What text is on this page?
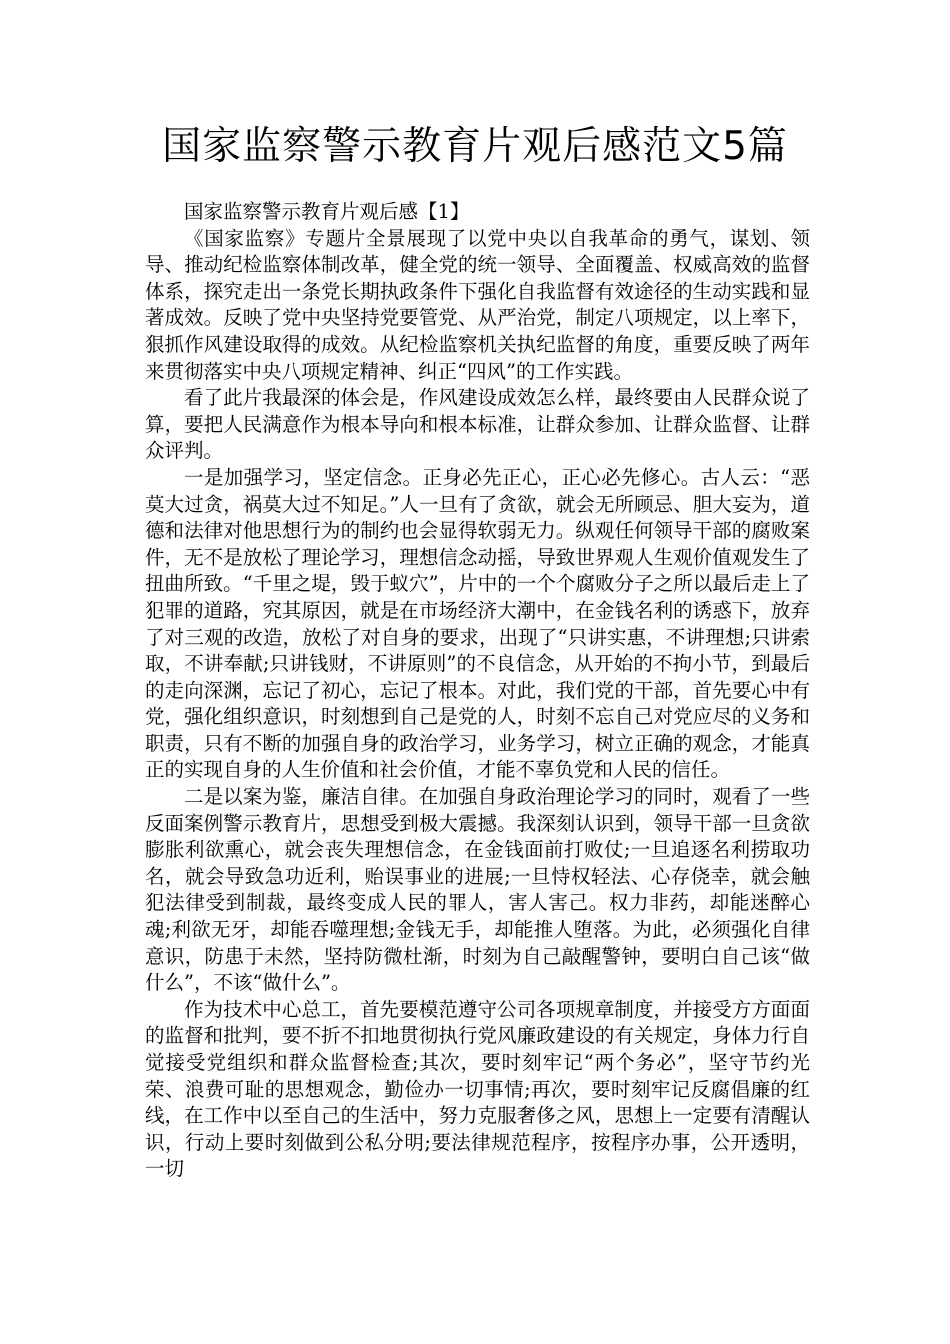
国家监察警示教育片观后感范文5篇

国家监察警示教育片观后感【1】

《国家监察》专题片全景展现了以党中央以自我革命的勇气，谋划、领导、推动纪检监察体制改革，健全党的统一领导、全面覆盖、权威高效的监督体系，探究走出一条党长期执政条件下强化自我监督有效途径的生动实践和显著成效。反映了党中央坚持党要管党、从严治党，制定八项规定，以上率下，狠抓作风建设取得的成效。从纪检监察机关执纪监督的角度，重要反映了两年来贯彻落实中央八项规定精神、纠正“四风”的工作实践。

看了此片我最深的体会是，作风建设成效怎么样，最终要由人民群众说了算，要把人民满意作为根本导向和根本标准，让群众参加、让群众监督、让群众评判。

一是加强学习，坚定信念。正身必先正心，正心必先修心。古人云：“恶莫大过贪，祸莫大过不知足。”人一旦有了贪欲，就会无所顾忌、胆大妄为，道德和法律对他思想行为的制约也会显得软弱无力。纵观任何领导干部的腐败案件，无不是放松了理论学习，理想信念动摇，导致世界观人生观价值观发生了扭曲所致。“千里之堤，毁于蚁穴”，片中的一个个腐败分子之所以最后走上了犯罪的道路，究其原因，就是在市场经济大潮中，在金钱名利的诱惑下，放弃了对三观的改造，放松了对自身的要求，出现了“只讲实惠，不讲理想;只讲索取，不讲奉献;只讲钱财，不讲原则”的不良信念，从开始的不拘小节，到最后的走向深渊，忘记了初心，忘记了根本。对此，我们党的干部，首先要心中有党，强化组织意识，时刻想到自己是党的人，时刻不忘自己对党应尽的义务和职责，只有不断的加强自身的政治学习，业务学习，树立正确的观念，才能真正的实现自身的人生价值和社会价值，才能不辜负党和人民的信任。

二是以案为鉴，廉洁自律。在加强自身政治理论学习的同时，观看了一些反面案例警示教育片，思想受到极大震撼。我深刻认识到，领导干部一旦贪欲膨胀利欲熏心，就会丧失理想信念，在金钱面前打败仗;一旦追逐名利捞取功名，就会导致急功近利，贻误事业的进展;一旦恃权轻法、心存侥幸，就会触犯法律受到制裁，最终变成人民的罪人，害人害己。权力非药，却能迷醉心魂;利欲无牙，却能吞噬理想;金钱无手，却能推人堕落。为此，必须强化自律意识，防患于未然，坚持防微杜渐，时刻为自己敲醒警钟，要明白自己该“做什么”，不该“做什么”。

作为技术中心总工，首先要模范遵守公司各项规章制度，并接受方方面面的监督和批判，要不折不扣地贯彻执行党风廉政建设的有关规定，身体力行自觉接受党组织和群众监督检查;其次，要时刻牢记“两个务必”，坚守节约光荣、浪费可耻的思想观念，勤俭办一切事情;再次，要时刻牢记反腐倡廉的红线，在工作中以至自己的生活中，努力克服奢侈之风，思想上一定要有清醒认识，行动上要时刻做到公私分明;要法律规范程序，按程序办事，公开透明，一切
